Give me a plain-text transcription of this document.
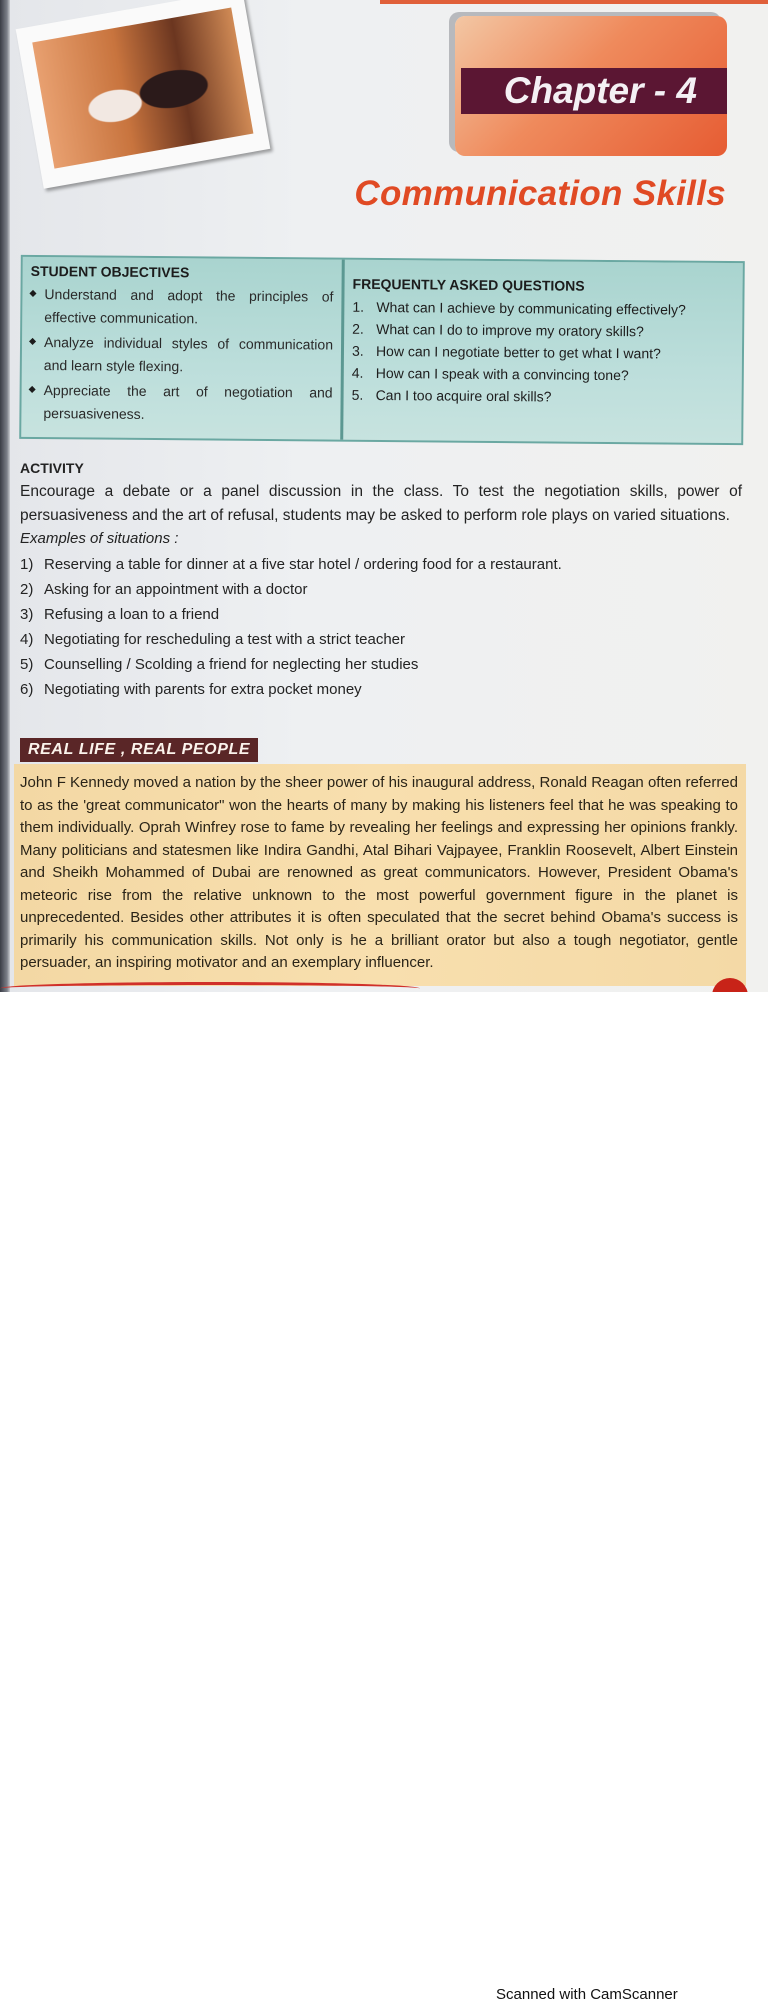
Chapter - 4
Communication Skills
STUDENT OBJECTIVES
Understand and adopt the principles of effective communication.
Analyze individual styles of communication and learn style flexing.
Appreciate the art of negotiation and persuasiveness.
FREQUENTLY ASKED QUESTIONS
1. What can I achieve by communicating effectively?
2. What can I do to improve my oratory skills?
3. How can I negotiate better to get what I want?
4. How can I speak with a convincing tone?
5. Can I too acquire oral skills?
ACTIVITY
Encourage a debate or a panel discussion in the class. To test the negotiation skills, power of persuasiveness and the art of refusal, students may be asked to perform role plays on varied situations.
Examples of situations :
1) Reserving a table for dinner at a five star hotel / ordering food for a restaurant.
2) Asking for an appointment with a doctor
3) Refusing a loan to a friend
4) Negotiating for rescheduling a test with a strict teacher
5) Counselling / Scolding a friend for neglecting her studies
6) Negotiating with parents for extra pocket money
John F Kennedy moved a nation by the sheer power of his inaugural address, Ronald Reagan often referred to as the 'great communicator" won the hearts of many by making his listeners feel that he was speaking to them individually. Oprah Winfrey rose to fame by revealing her feelings and expressing her opinions frankly. Many politicians and statesmen like Indira Gandhi, Atal Bihari Vajpayee, Franklin Roosevelt, Albert Einstein and Sheikh Mohammed of Dubai are renowned as great communicators. However, President Obama's meteoric rise from the relative unknown to the most powerful government figure in the planet is unprecedented. Besides other attributes it is often speculated that the secret behind Obama's success is primarily his communication skills. Not only is he a brilliant orator but also a tough negotiator, gentle persuader, an inspiring motivator and an exemplary influencer.
REAL LIFE , REAL PEOPLE
Scanned with CamScanner
